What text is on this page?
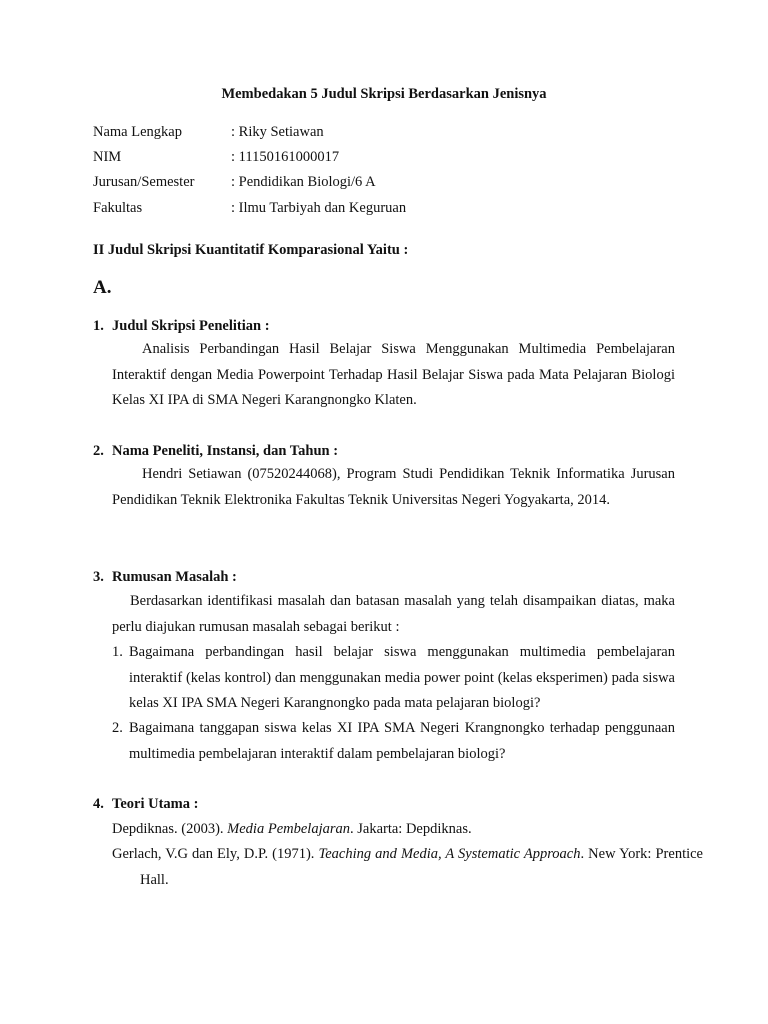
Membedakan 5 Judul Skripsi Berdasarkan Jenisnya
Nama Lengkap	: Riky Setiawan
NIM	: 11150161000017
Jurusan/Semester	: Pendidikan Biologi/6 A
Fakultas	: Ilmu Tarbiyah dan Keguruan
II Judul Skripsi Kuantitatif Komparasional Yaitu :
A.
1. Judul Skripsi Penelitian :
Analisis Perbandingan Hasil Belajar Siswa Menggunakan Multimedia Pembelajaran Interaktif dengan Media Powerpoint Terhadap Hasil Belajar Siswa pada Mata Pelajaran Biologi Kelas XI IPA di SMA Negeri Karangnongko Klaten.
2. Nama Peneliti, Instansi, dan Tahun :
Hendri Setiawan (07520244068), Program Studi Pendidikan Teknik Informatika Jurusan Pendidikan Teknik Elektronika Fakultas Teknik Universitas Negeri Yogyakarta, 2014.
3. Rumusan Masalah :
Berdasarkan identifikasi masalah dan batasan masalah yang telah disampaikan diatas, maka perlu diajukan rumusan masalah sebagai berikut :
1. Bagaimana perbandingan hasil belajar siswa menggunakan multimedia pembelajaran interaktif (kelas kontrol) dan menggunakan media power point (kelas eksperimen) pada siswa kelas XI IPA SMA Negeri Karangnongko pada mata pelajaran biologi?
2. Bagaimana tanggapan siswa kelas XI IPA SMA Negeri Krangnongko terhadap penggunaan multimedia pembelajaran interaktif dalam pembelajaran biologi?
4. Teori Utama :
Depdiknas. (2003). Media Pembelajaran. Jakarta: Depdiknas.
Gerlach, V.G dan Ely, D.P. (1971). Teaching and Media, A Systematic Approach. New York: Prentice Hall.
